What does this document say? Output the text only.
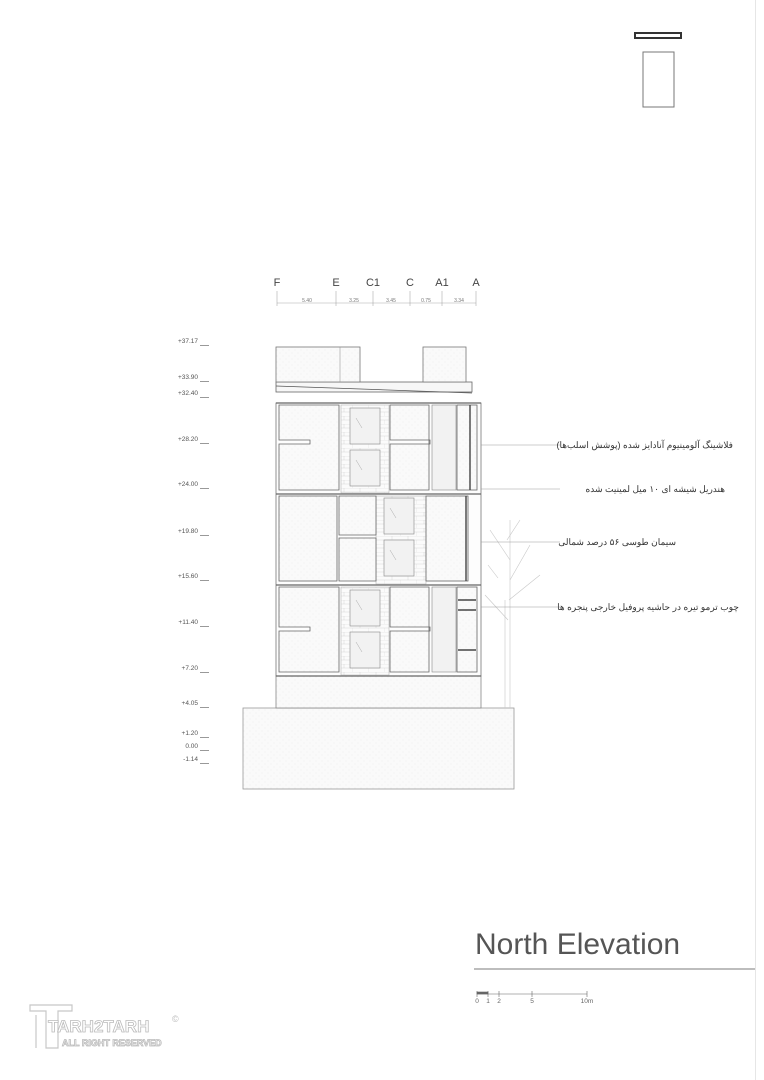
F	E C1 C A1 A
5.40	3.25	3.45	0.75	3.34
+37.17
+33.90
+32.40
+28.20
+24.00
+19.80
+15.60
+11.40
+7.20
+4.05
+1.20
0.00
-1.14
فلاشینگ آلومینیوم آنادایز شده (پوشش اسلب‌ها)
هندریل شیشه ای ۱۰ میل لمینیت شده
سیمان طوسی ۵۶ درصد شمالی
چوب ترمو تیره در حاشیه پروفیل خارجی پنجره ها
North Elevation
0 1 2	5	10m
TARH2TARH
ALL RIGHT RESERVED
©
